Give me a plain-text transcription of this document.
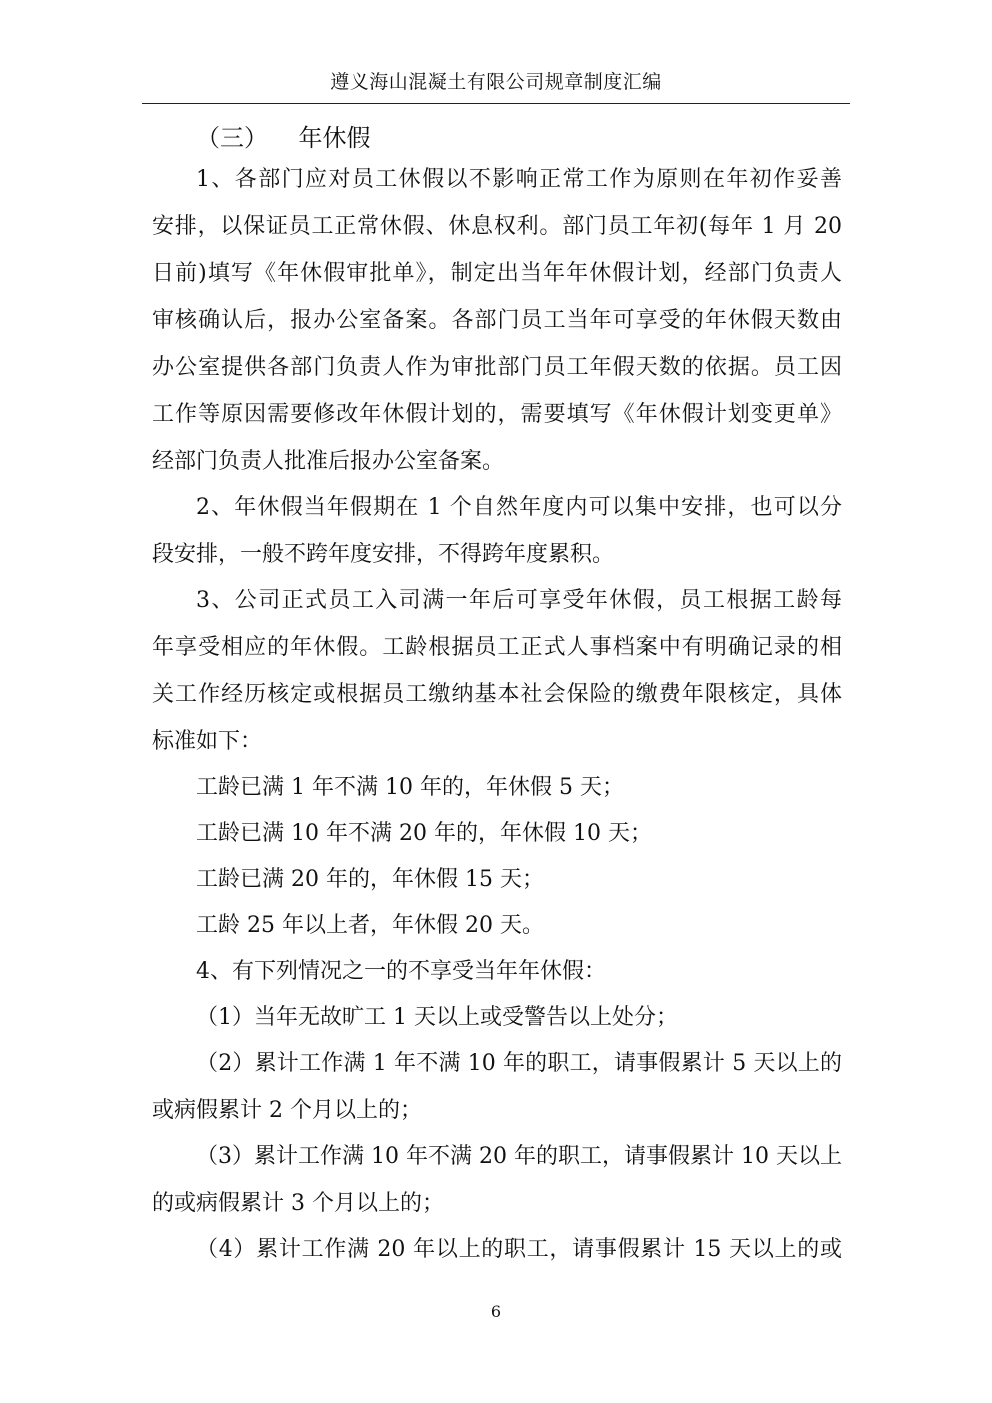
遵义海山混凝土有限公司规章制度汇编
（三）    年休假
1、各部门应对员工休假以不影响正常工作为原则在年初作妥善
安排，以保证员工正常休假、休息权利。部门员工年初(每年 1 月 20
日前)填写《年休假审批单》，制定出当年年休假计划，经部门负责人
审核确认后，报办公室备案。各部门员工当年可享受的年休假天数由
办公室提供各部门负责人作为审批部门员工年假天数的依据。员工因
工作等原因需要修改年休假计划的，需要填写《年休假计划变更单》
经部门负责人批准后报办公室备案。
2、年休假当年假期在 1 个自然年度内可以集中安排，也可以分
段安排，一般不跨年度安排，不得跨年度累积。
3、公司正式员工入司满一年后可享受年休假，员工根据工龄每
年享受相应的年休假。工龄根据员工正式人事档案中有明确记录的相
关工作经历核定或根据员工缴纳基本社会保险的缴费年限核定，具体
标准如下：
工龄已满 1 年不满 10 年的，年休假 5 天；
工龄已满 10 年不满 20 年的，年休假 10 天；
工龄已满 20 年的，年休假 15 天；
工龄 25 年以上者，年休假 20 天。
4、有下列情况之一的不享受当年年休假：
（1）当年无故旷工 1 天以上或受警告以上处分；
（2）累计工作满 1 年不满 10 年的职工，请事假累计 5 天以上的
或病假累计 2 个月以上的；
（3）累计工作满 10 年不满 20 年的职工，请事假累计 10 天以上
的或病假累计 3 个月以上的；
（4）累计工作满 20 年以上的职工，请事假累计 15 天以上的或
6
